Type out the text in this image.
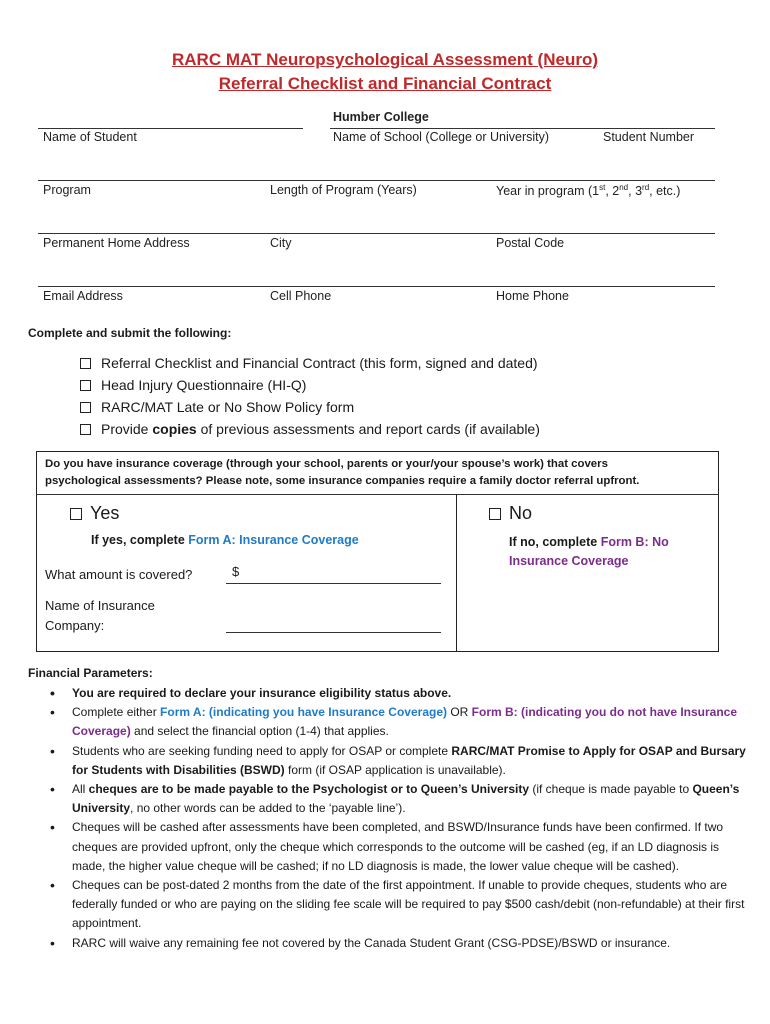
RARC MAT Neuropsychological Assessment (Neuro)
Referral Checklist and Financial Contract
Humber College
Name of Student	Name of School (College or University)	Student Number
Program	Length of Program (Years)	Year in program (1st, 2nd, 3rd, etc.)
Permanent Home Address	City	Postal Code
Email Address	Cell Phone	Home Phone
Complete and submit the following:
Referral Checklist and Financial Contract (this form, signed and dated)
Head Injury Questionnaire (HI-Q)
RARC/MAT Late or No Show Policy form
Provide copies of previous assessments and report cards (if available)
Do you have insurance coverage (through your school, parents or your/your spouse’s work) that covers
psychological assessments? Please note, some insurance companies require a family doctor referral upfront.
Yes
If yes, complete Form A: Insurance Coverage
What amount is covered?	$
Name of Insurance
Company:
No
If no, complete Form B: No
Insurance Coverage
Financial Parameters:
• You are required to declare your insurance eligibility status above.
• Complete either Form A: (indicating you have Insurance Coverage) OR Form B: (indicating you do not have Insurance Coverage) and select the financial option (1-4) that applies.
• Students who are seeking funding need to apply for OSAP or complete RARC/MAT Promise to Apply for OSAP and Bursary for Students with Disabilities (BSWD) form (if OSAP application is unavailable).
• All cheques are to be made payable to the Psychologist or to Queen’s University (if cheque is made payable to Queen’s University, no other words can be added to the ‘payable line’).
• Cheques will be cashed after assessments have been completed, and BSWD/Insurance funds have been confirmed. If two cheques are provided upfront, only the cheque which corresponds to the outcome will be cashed (eg, if an LD diagnosis is made, the higher value cheque will be cashed; if no LD diagnosis is made, the lower value cheque will be cashed).
• Cheques can be post-dated 2 months from the date of the first appointment. If unable to provide cheques, students who are federally funded or who are paying on the sliding fee scale will be required to pay $500 cash/debit (non-refundable) at their first appointment.
• RARC will waive any remaining fee not covered by the Canada Student Grant (CSG-PDSE)/BSWD or insurance.
